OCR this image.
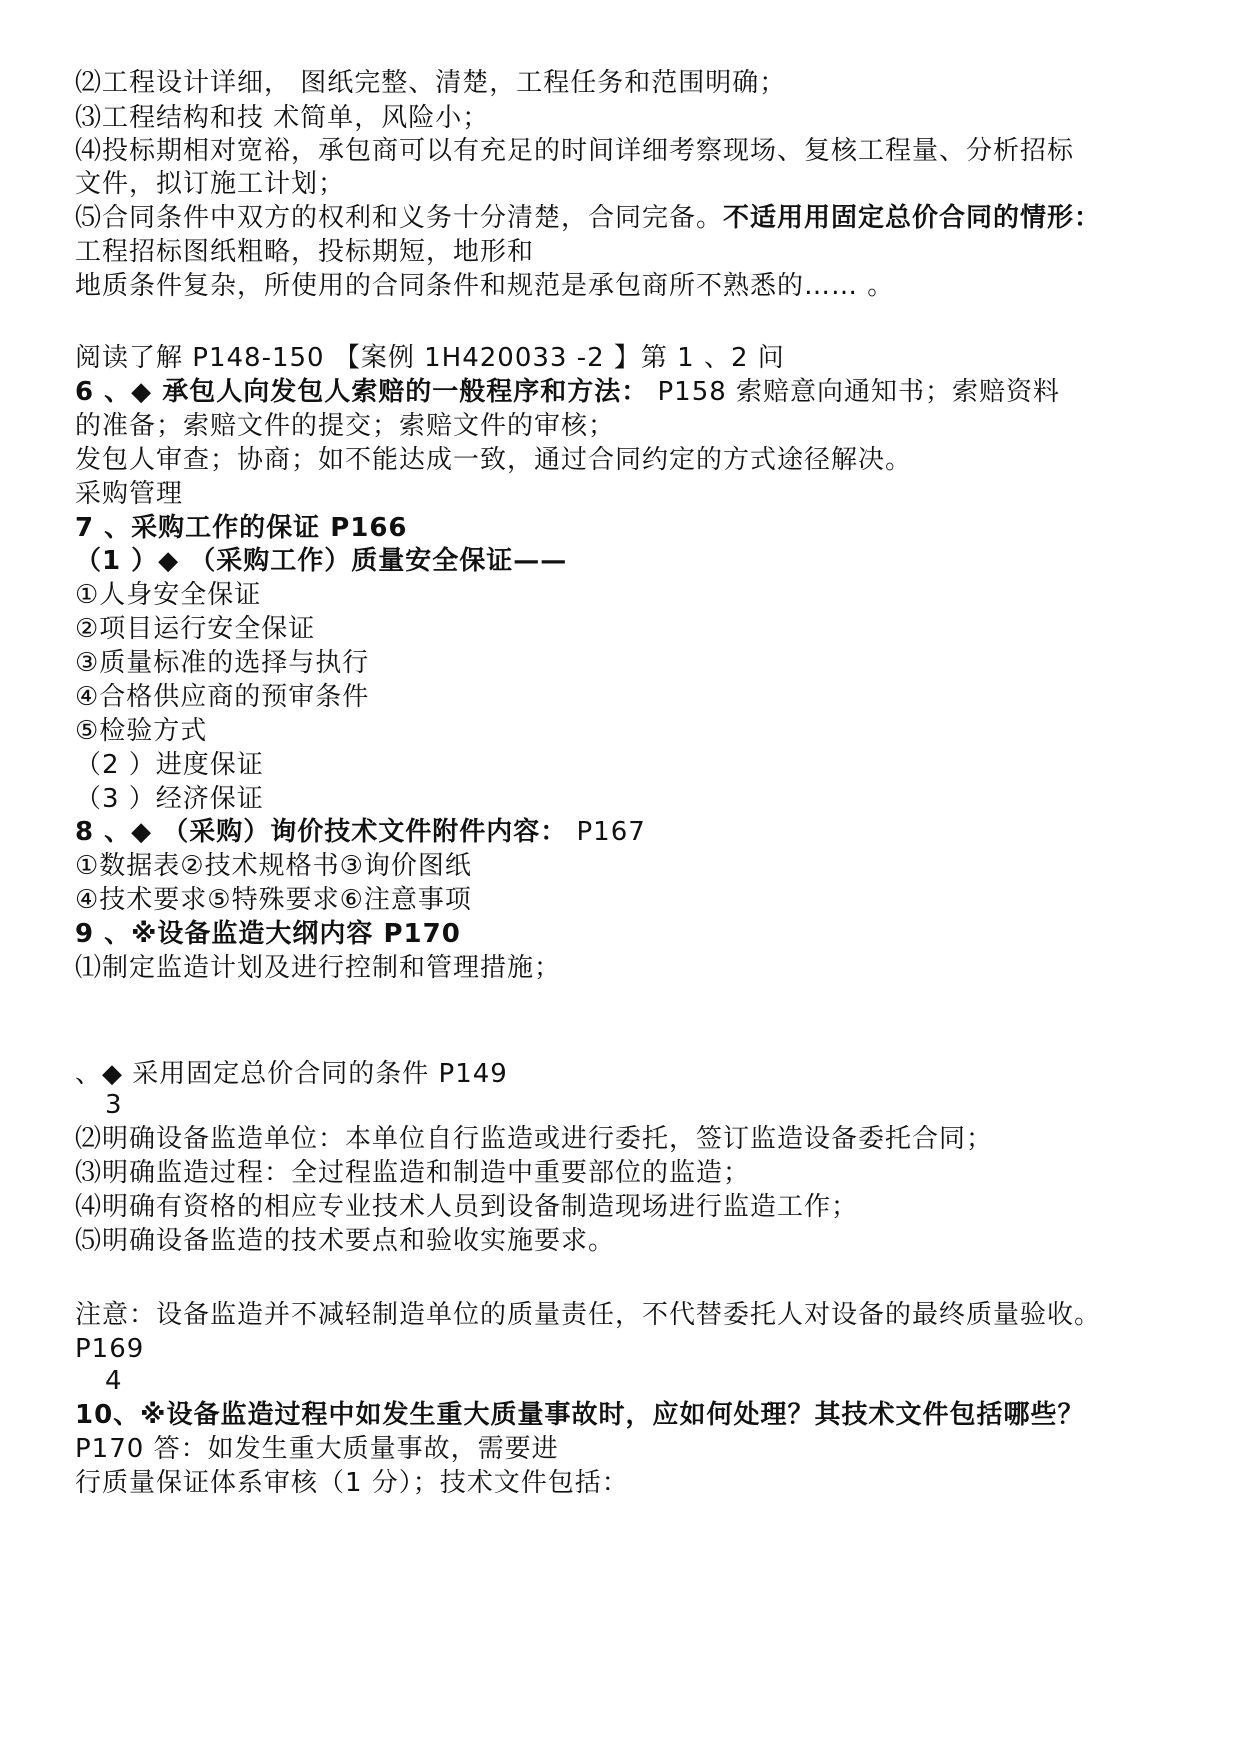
⑵工程设计详细， 图纸完整、清楚，工程任务和范围明确；
⑶工程结构和技 术简单，风险小；
⑷投标期相对宽裕，承包商可以有充足的时间详细考察现场、复核工程量、分析招标
文件，拟订施工计划；
⑸合同条件中双方的权利和义务十分清楚，合同完备。不适用用固定总价合同的情形：
工程招标图纸粗略，投标期短，地形和
地质条件复杂，所使用的合同条件和规范是承包商所不熟悉的…… 。
阅读了解 P148-150 【案例 1H420033 -2 】第 1 、2 问
6 、◆ 承包人向发包人索赔的一般程序和方法： P158 索赔意向通知书；索赔资料
的准备；索赔文件的提交；索赔文件的审核；
发包人审查；协商；如不能达成一致，通过合同约定的方式途径解决。
采购管理
7 、采购工作的保证 P166
（1 ）◆ （采购工作）质量安全保证——
①人身安全保证
②项目运行安全保证
③质量标准的选择与执行
④合格供应商的预审条件
⑤检验方式
（2 ）进度保证
（3 ）经济保证
8 、◆ （采购）询价技术文件附件内容： P167
①数据表②技术规格书③询价图纸
④技术要求⑤特殊要求⑥注意事项
9 、※设备监造大纲内容 P170
⑴制定监造计划及进行控制和管理措施；
、◆ 采用固定总价合同的条件 P149
3
⑵明确设备监造单位：本单位自行监造或进行委托，签订监造设备委托合同；
⑶明确监造过程：全过程监造和制造中重要部位的监造；
⑷明确有资格的相应专业技术人员到设备制造现场进行监造工作；
⑸明确设备监造的技术要点和验收实施要求。
注意：设备监造并不减轻制造单位的质量责任，不代替委托人对设备的最终质量验收。
P169
4
10、※设备监造过程中如发生重大质量事故时，应如何处理？其技术文件包括哪些？
P170 答：如发生重大质量事故，需要进
行质量保证体系审核（1 分）；技术文件包括：
